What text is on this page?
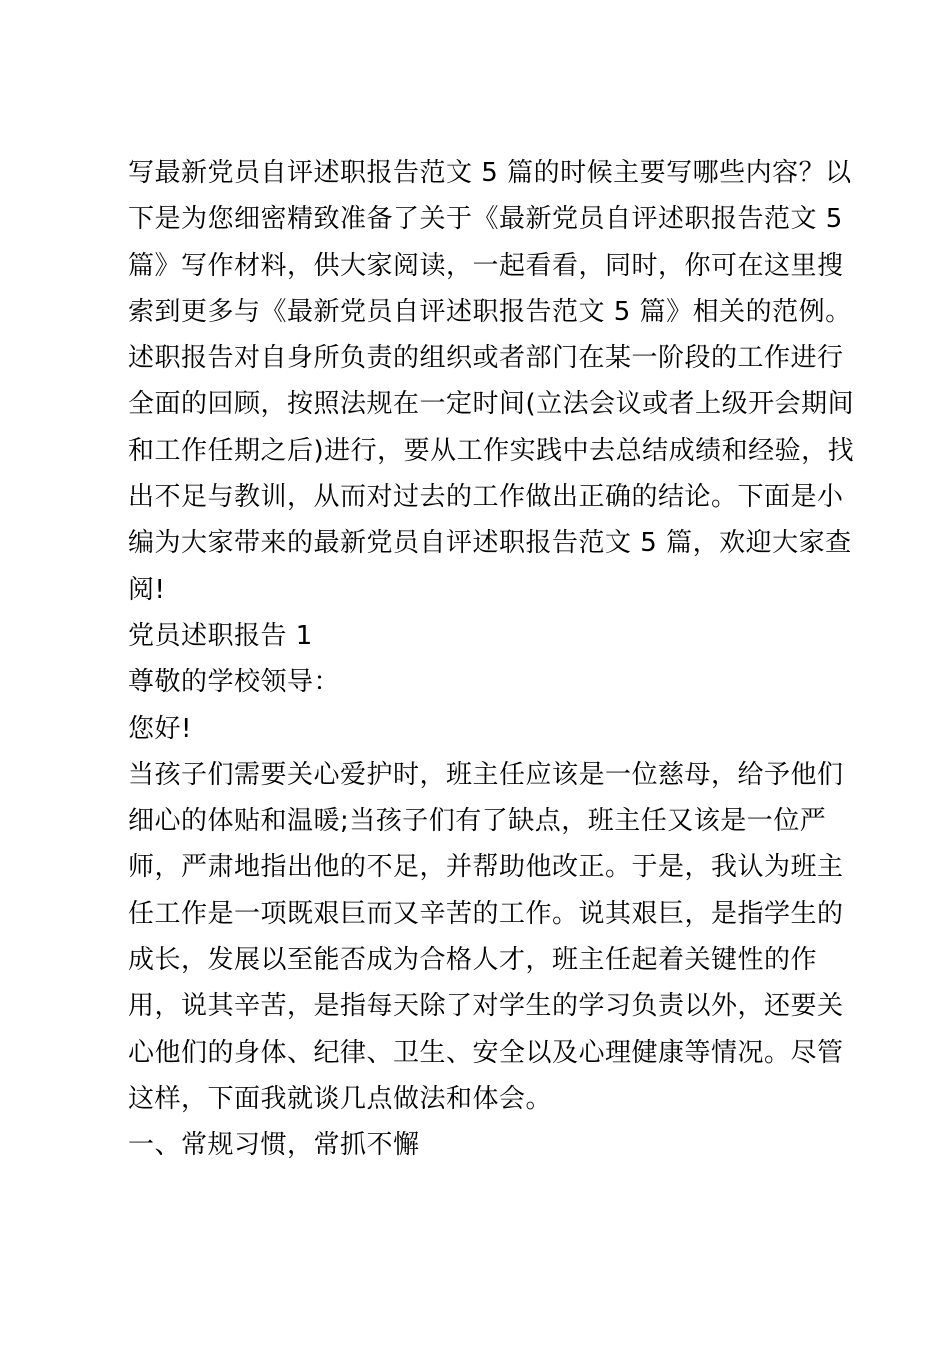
写最新党员自评述职报告范文 5 篇的时候主要写哪些内容？以
下是为您细密精致准备了关于《最新党员自评述职报告范文 5
篇》写作材料，供大家阅读，一起看看，同时，你可在这里搜
索到更多与《最新党员自评述职报告范文 5 篇》相关的范例。
述职报告对自身所负责的组织或者部门在某一阶段的工作进行
全面的回顾，按照法规在一定时间(立法会议或者上级开会期间
和工作任期之后)进行，要从工作实践中去总结成绩和经验，找
出不足与教训，从而对过去的工作做出正确的结论。下面是小
编为大家带来的最新党员自评述职报告范文 5 篇，欢迎大家查
阅!
党员述职报告 1
尊敬的学校领导：
您好!
当孩子们需要关心爱护时，班主任应该是一位慈母，给予他们
细心的体贴和温暖;当孩子们有了缺点，班主任又该是一位严
师，严肃地指出他的不足，并帮助他改正。于是，我认为班主
任工作是一项既艰巨而又辛苦的工作。说其艰巨，是指学生的
成长，发展以至能否成为合格人才，班主任起着关键性的作
用，说其辛苦，是指每天除了对学生的学习负责以外，还要关
心他们的身体、纪律、卫生、安全以及心理健康等情况。尽管
这样，下面我就谈几点做法和体会。
一、常规习惯，常抓不懈
